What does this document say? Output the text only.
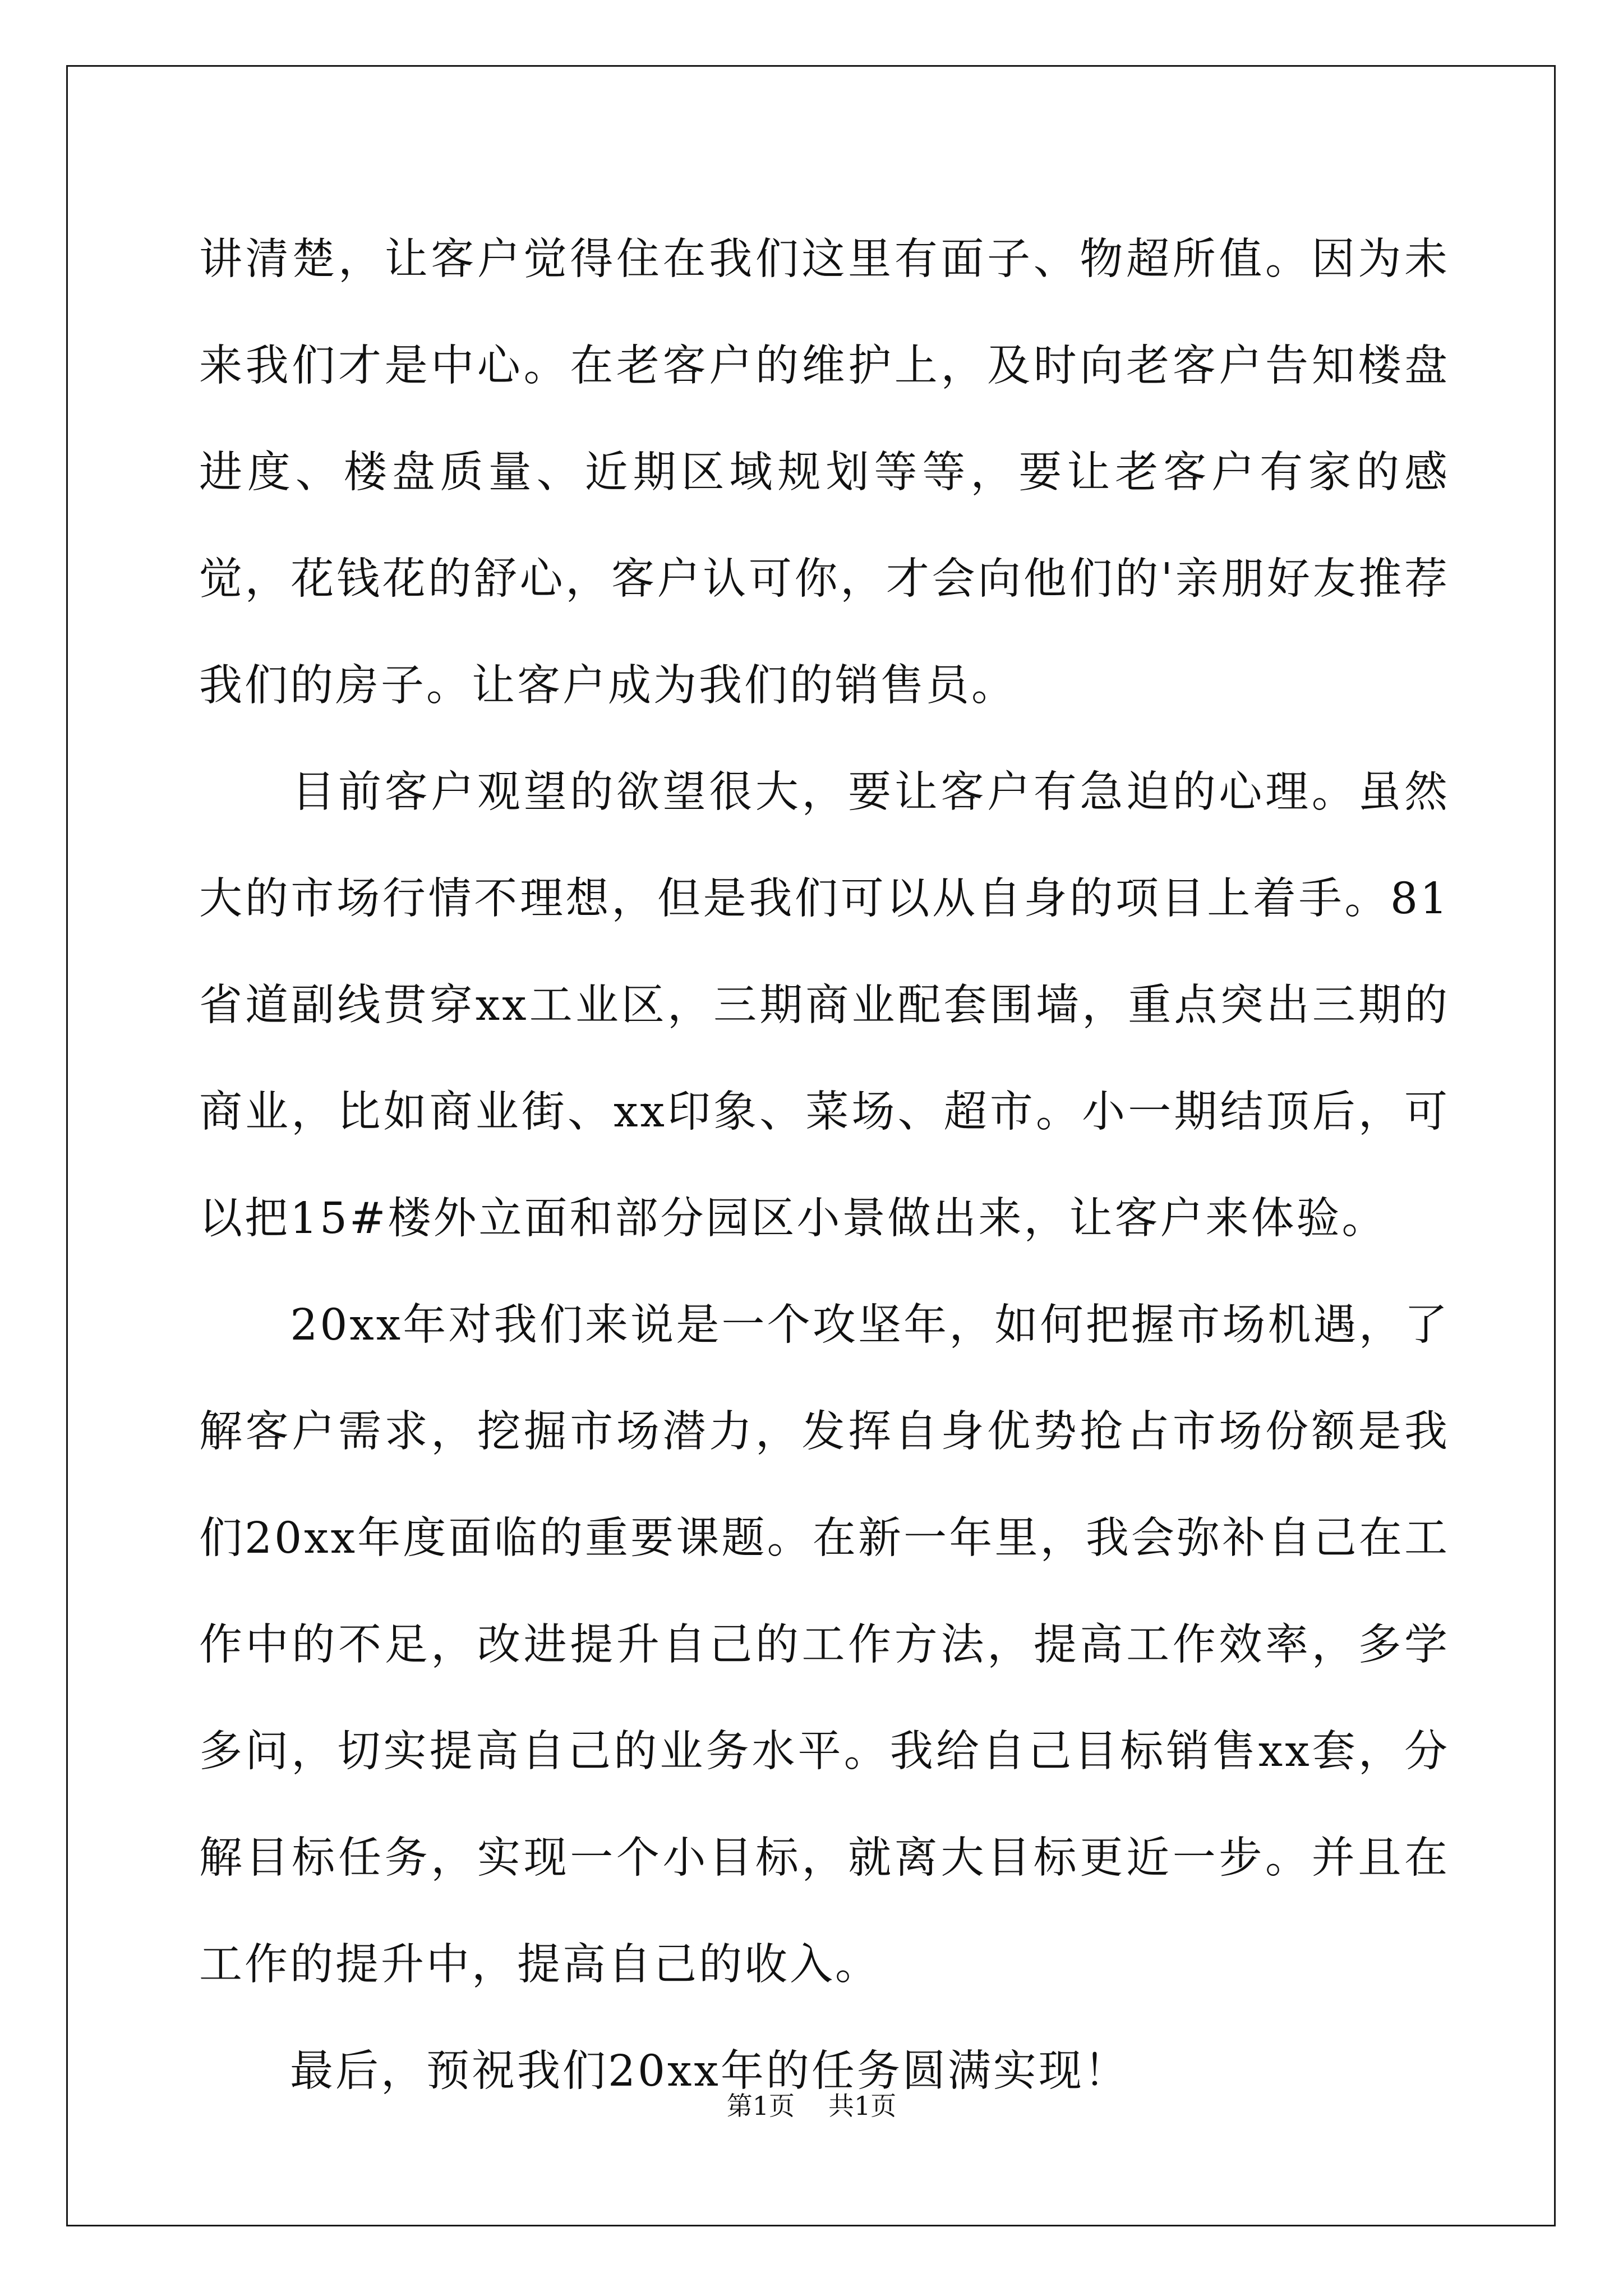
讲清楚，让客户觉得住在我们这里有面子、物超所值。因为未来我们才是中心。在老客户的维护上，及时向老客户告知楼盘进度、楼盘质量、近期区域规划等等，要让老客户有家的感觉，花钱花的舒心，客户认可你，才会向他们的'亲朋好友推荐我们的房子。让客户成为我们的销售员。

　　目前客户观望的欲望很大，要让客户有急迫的心理。虽然大的市场行情不理想，但是我们可以从自身的项目上着手。81省道副线贯穿xx工业区，三期商业配套围墙，重点突出三期的商业，比如商业街、xx印象、菜场、超市。小一期结顶后，可以把15#楼外立面和部分园区小景做出来，让客户来体验。

　　20xx年对我们来说是一个攻坚年，如何把握市场机遇，了解客户需求，挖掘市场潜力，发挥自身优势抢占市场份额是我们20xx年度面临的重要课题。在新一年里，我会弥补自己在工作中的不足，改进提升自己的工作方法，提高工作效率，多学多问，切实提高自己的业务水平。我给自己目标销售xx套，分解目标任务，实现一个小目标，就离大目标更近一步。并且在工作的提升中，提高自己的收入。

　　最后，预祝我们20xx年的任务圆满实现！

第1页 共1页
